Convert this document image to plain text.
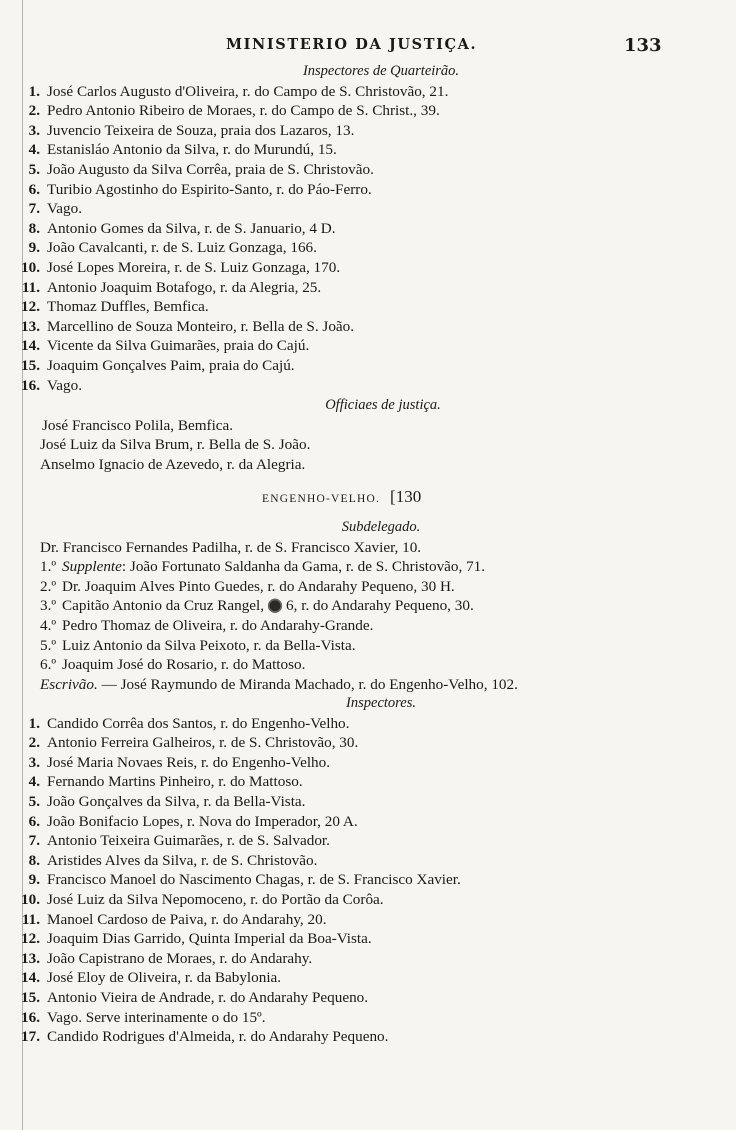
MINISTERIO DA JUSTIÇA.	133
Inspectores de Quarteirão.
1. José Carlos Augusto d'Oliveira, r. do Campo de S. Christovão, 21.
2. Pedro Antonio Ribeiro de Moraes, r. do Campo de S. Christ., 39.
3. Juvencio Teixeira de Souza, praia dos Lazaros, 13.
4. Estanisláo Antonio da Silva, r. do Murundú, 15.
5. João Augusto da Silva Corrêa, praia de S. Christovão.
6. Turibio Agostinho do Espirito-Santo, r. do Páo-Ferro.
7. Vago.
8. Antonio Gomes da Silva, r. de S. Januario, 4 D.
9. João Cavalcanti, r. de S. Luiz Gonzaga, 166.
10. José Lopes Moreira, r. de S. Luiz Gonzaga, 170.
11. Antonio Joaquim Botafogo, r. da Alegria, 25.
12. Thomaz Duffles, Bemfica.
13. Marcellino de Souza Monteiro, r. Bella de S. João.
14. Vicente da Silva Guimarães, praia do Cajú.
15. Joaquim Gonçalves Paim, praia do Cajú.
16. Vago.
Officiaes de justiça.
José Francisco Polila, Bemfica.
José Luiz da Silva Brum, r. Bella de S. João.
Anselmo Ignacio de Azevedo, r. da Alegria.
ENGENHO-VELHO. [130
Subdelegado.
Dr. Francisco Fernandes Padilha, r. de S. Francisco Xavier, 10.
1.º Supplente: João Fortunato Saldanha da Gama, r. de S. Christovão, 71.
2.º Dr. Joaquim Alves Pinto Guedes, r. do Andarahy Pequeno, 30 H.
3.º Capitão Antonio da Cruz Rangel, 6, r. do Andarahy Pequeno, 30.
4.º Pedro Thomaz de Oliveira, r. do Andarahy-Grande.
5.º Luiz Antonio da Silva Peixoto, r. da Bella-Vista.
6.º Joaquim José do Rosario, r. do Mattoso.
Escrivão. — José Raymundo de Miranda Machado, r. do Engenho-Velho, 102.
Inspectores.
1. Candido Corrêa dos Santos, r. do Engenho-Velho.
2. Antonio Ferreira Galheiros, r. de S. Christovão, 30.
3. José Maria Novaes Reis, r. do Engenho-Velho.
4. Fernando Martins Pinheiro, r. do Mattoso.
5. João Gonçalves da Silva, r. da Bella-Vista.
6. João Bonifacio Lopes, r. Nova do Imperador, 20 A.
7. Antonio Teixeira Guimarães, r. de S. Salvador.
8. Aristides Alves da Silva, r. de S. Christovão.
9. Francisco Manoel do Nascimento Chagas, r. de S. Francisco Xavier.
10. José Luiz da Silva Nepomoceno, r. do Portão da Corôa.
11. Manoel Cardoso de Paiva, r. do Andarahy, 20.
12. Joaquim Dias Garrido, Quinta Imperial da Boa-Vista.
13. João Capistrano de Moraes, r. do Andarahy.
14. José Eloy de Oliveira, r. da Babylonia.
15. Antonio Vieira de Andrade, r. do Andarahy Pequeno.
16. Vago. Serve interinamente o do 15º.
17. Candido Rodrigues d'Almeida, r. do Andarahy Pequeno.
